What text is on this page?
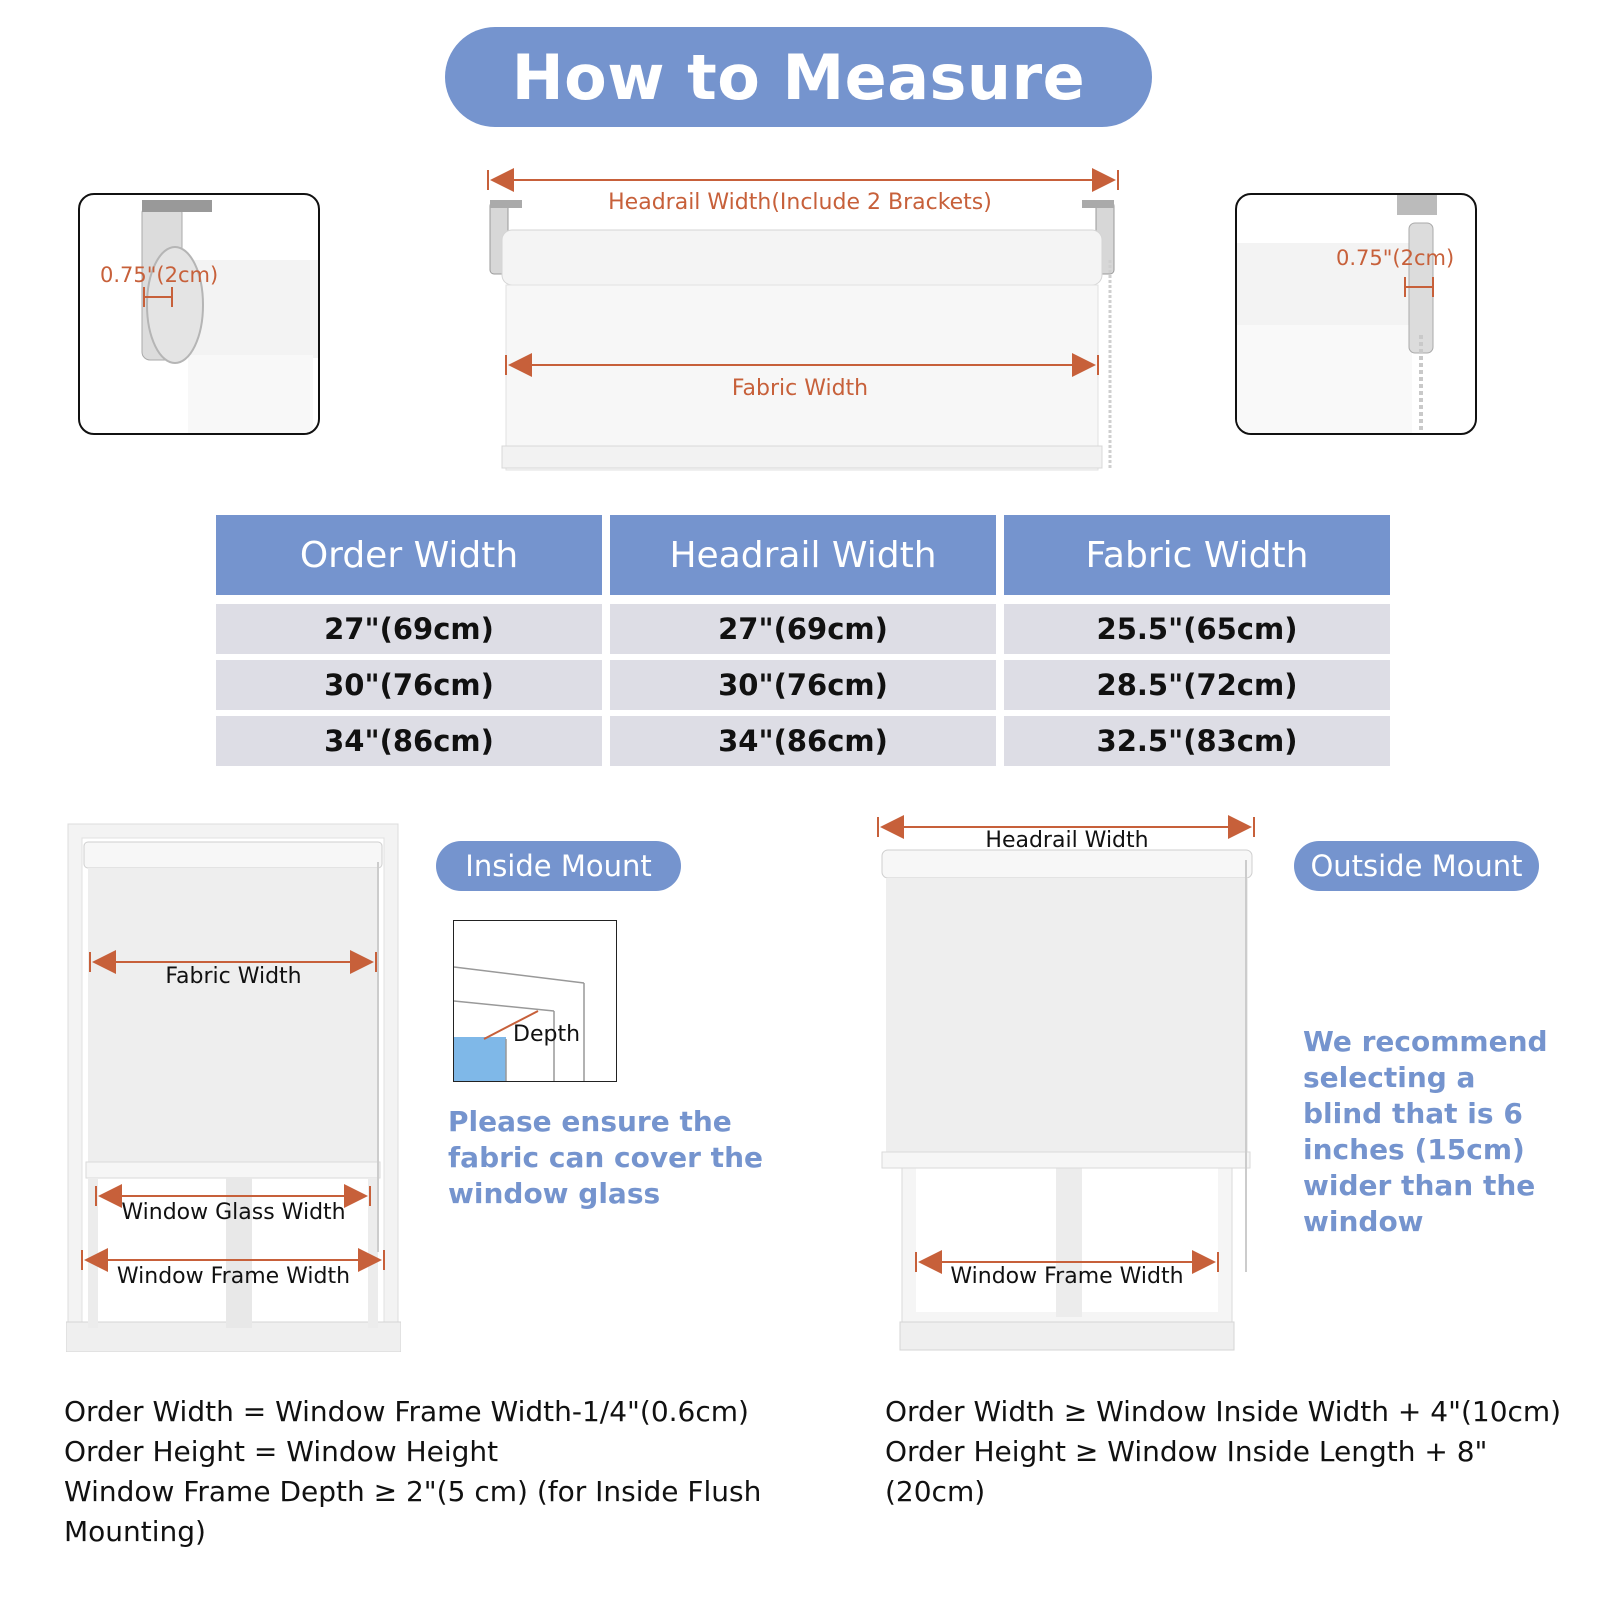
How to Measure
Headrail Width(Include 2 Brackets)
Fabric Width
0.75"(2cm)
0.75"(2cm)
Order Width	Headrail Width	Fabric Width
27"(69cm)	27"(69cm)	25.5"(65cm)
30"(76cm)	30"(76cm)	28.5"(72cm)
34"(86cm)	34"(86cm)	32.5"(83cm)
Fabric Width
Window Glass Width
Window Frame Width
Inside Mount
Depth
Please ensure the fabric can cover the window glass
Order Width = Window Frame Width-1/4"(0.6cm)
Order Height = Window Height
Window Frame Depth ≥ 2"(5 cm) (for Inside Flush Mounting)
Headrail Width
Window Frame Width
Outside Mount
We recommend selecting a blind that is 6 inches (15cm) wider than the window
Order Width ≥ Window Inside Width + 4"(10cm)
Order Height ≥ Window Inside Length + 8"(20cm)
